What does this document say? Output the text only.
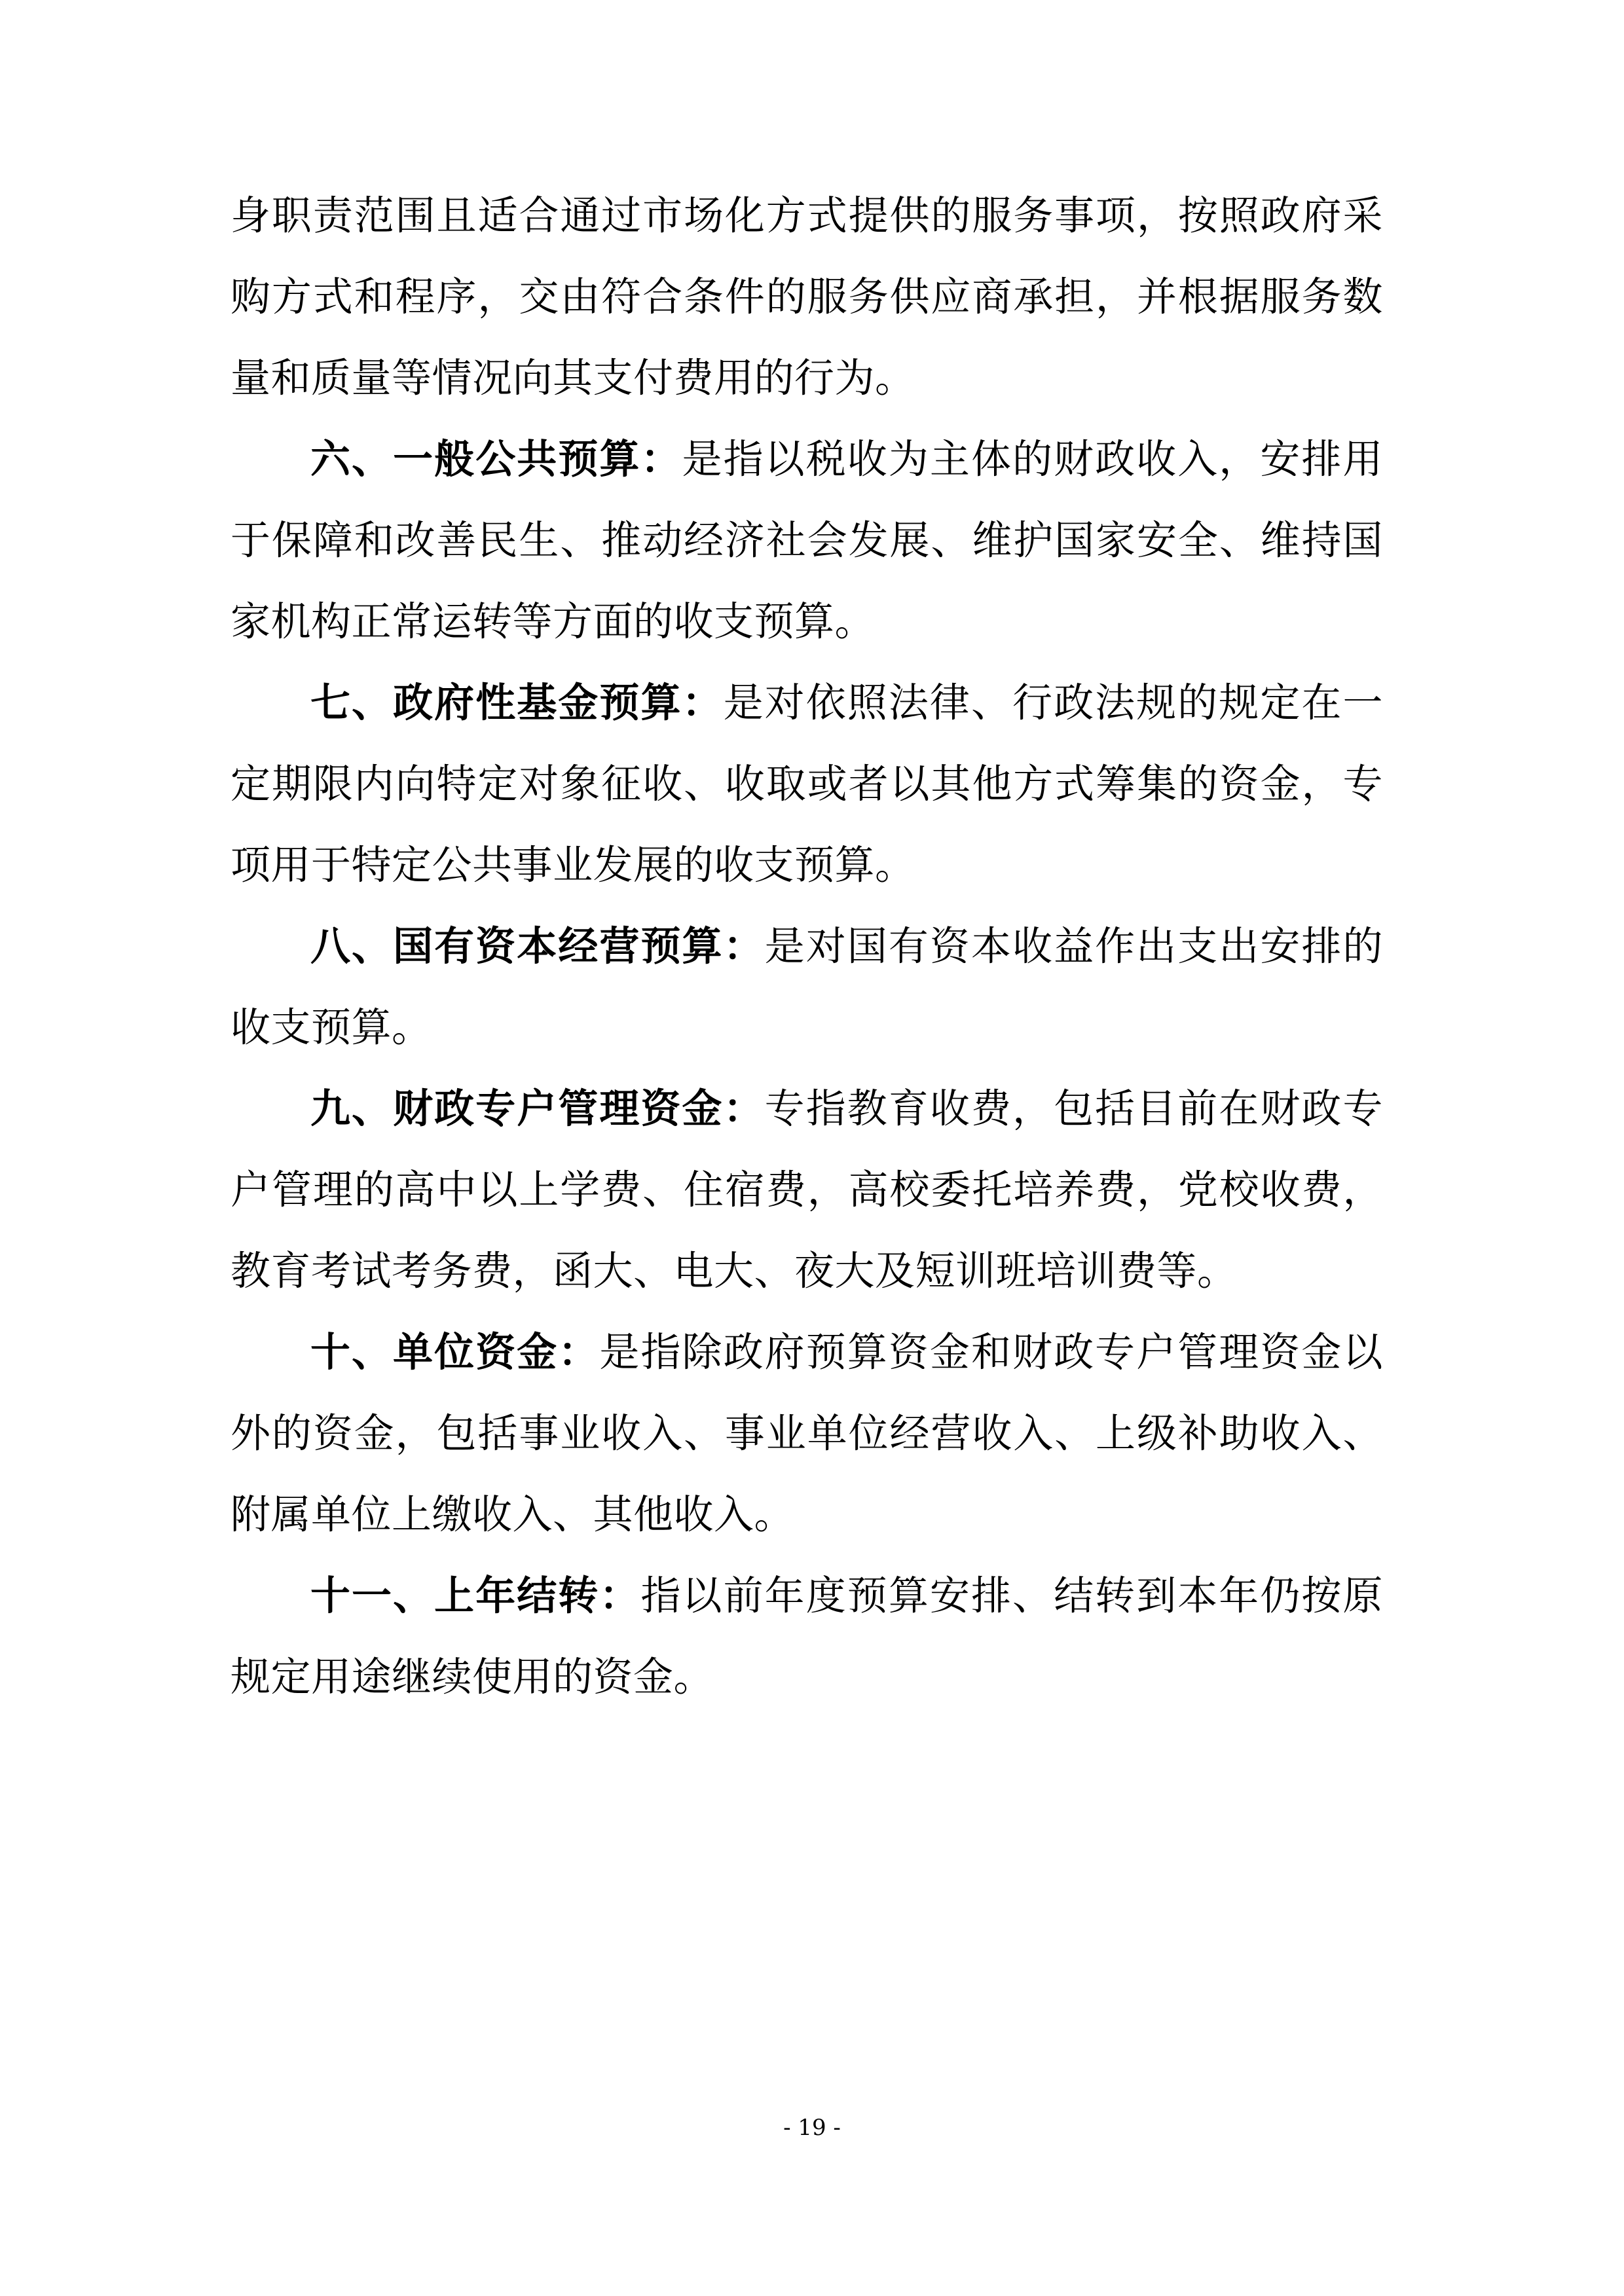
身职责范围且适合通过市场化方式提供的服务事项，按照政府采购方式和程序，交由符合条件的服务供应商承担，并根据服务数量和质量等情况向其支付费用的行为。

六、一般公共预算：是指以税收为主体的财政收入，安排用于保障和改善民生、推动经济社会发展、维护国家安全、维持国家机构正常运转等方面的收支预算。

七、政府性基金预算：是对依照法律、行政法规的规定在一定期限内向特定对象征收、收取或者以其他方式筹集的资金，专项用于特定公共事业发展的收支预算。

八、国有资本经营预算：是对国有资本收益作出支出安排的收支预算。

九、财政专户管理资金：专指教育收费，包括目前在财政专户管理的高中以上学费、住宿费，高校委托培养费，党校收费，教育考试考务费，函大、电大、夜大及短训班培训费等。

十、单位资金：是指除政府预算资金和财政专户管理资金以外的资金，包括事业收入、事业单位经营收入、上级补助收入、附属单位上缴收入、其他收入。

十一、上年结转：指以前年度预算安排、结转到本年仍按原规定用途继续使用的资金。

- 19 -
